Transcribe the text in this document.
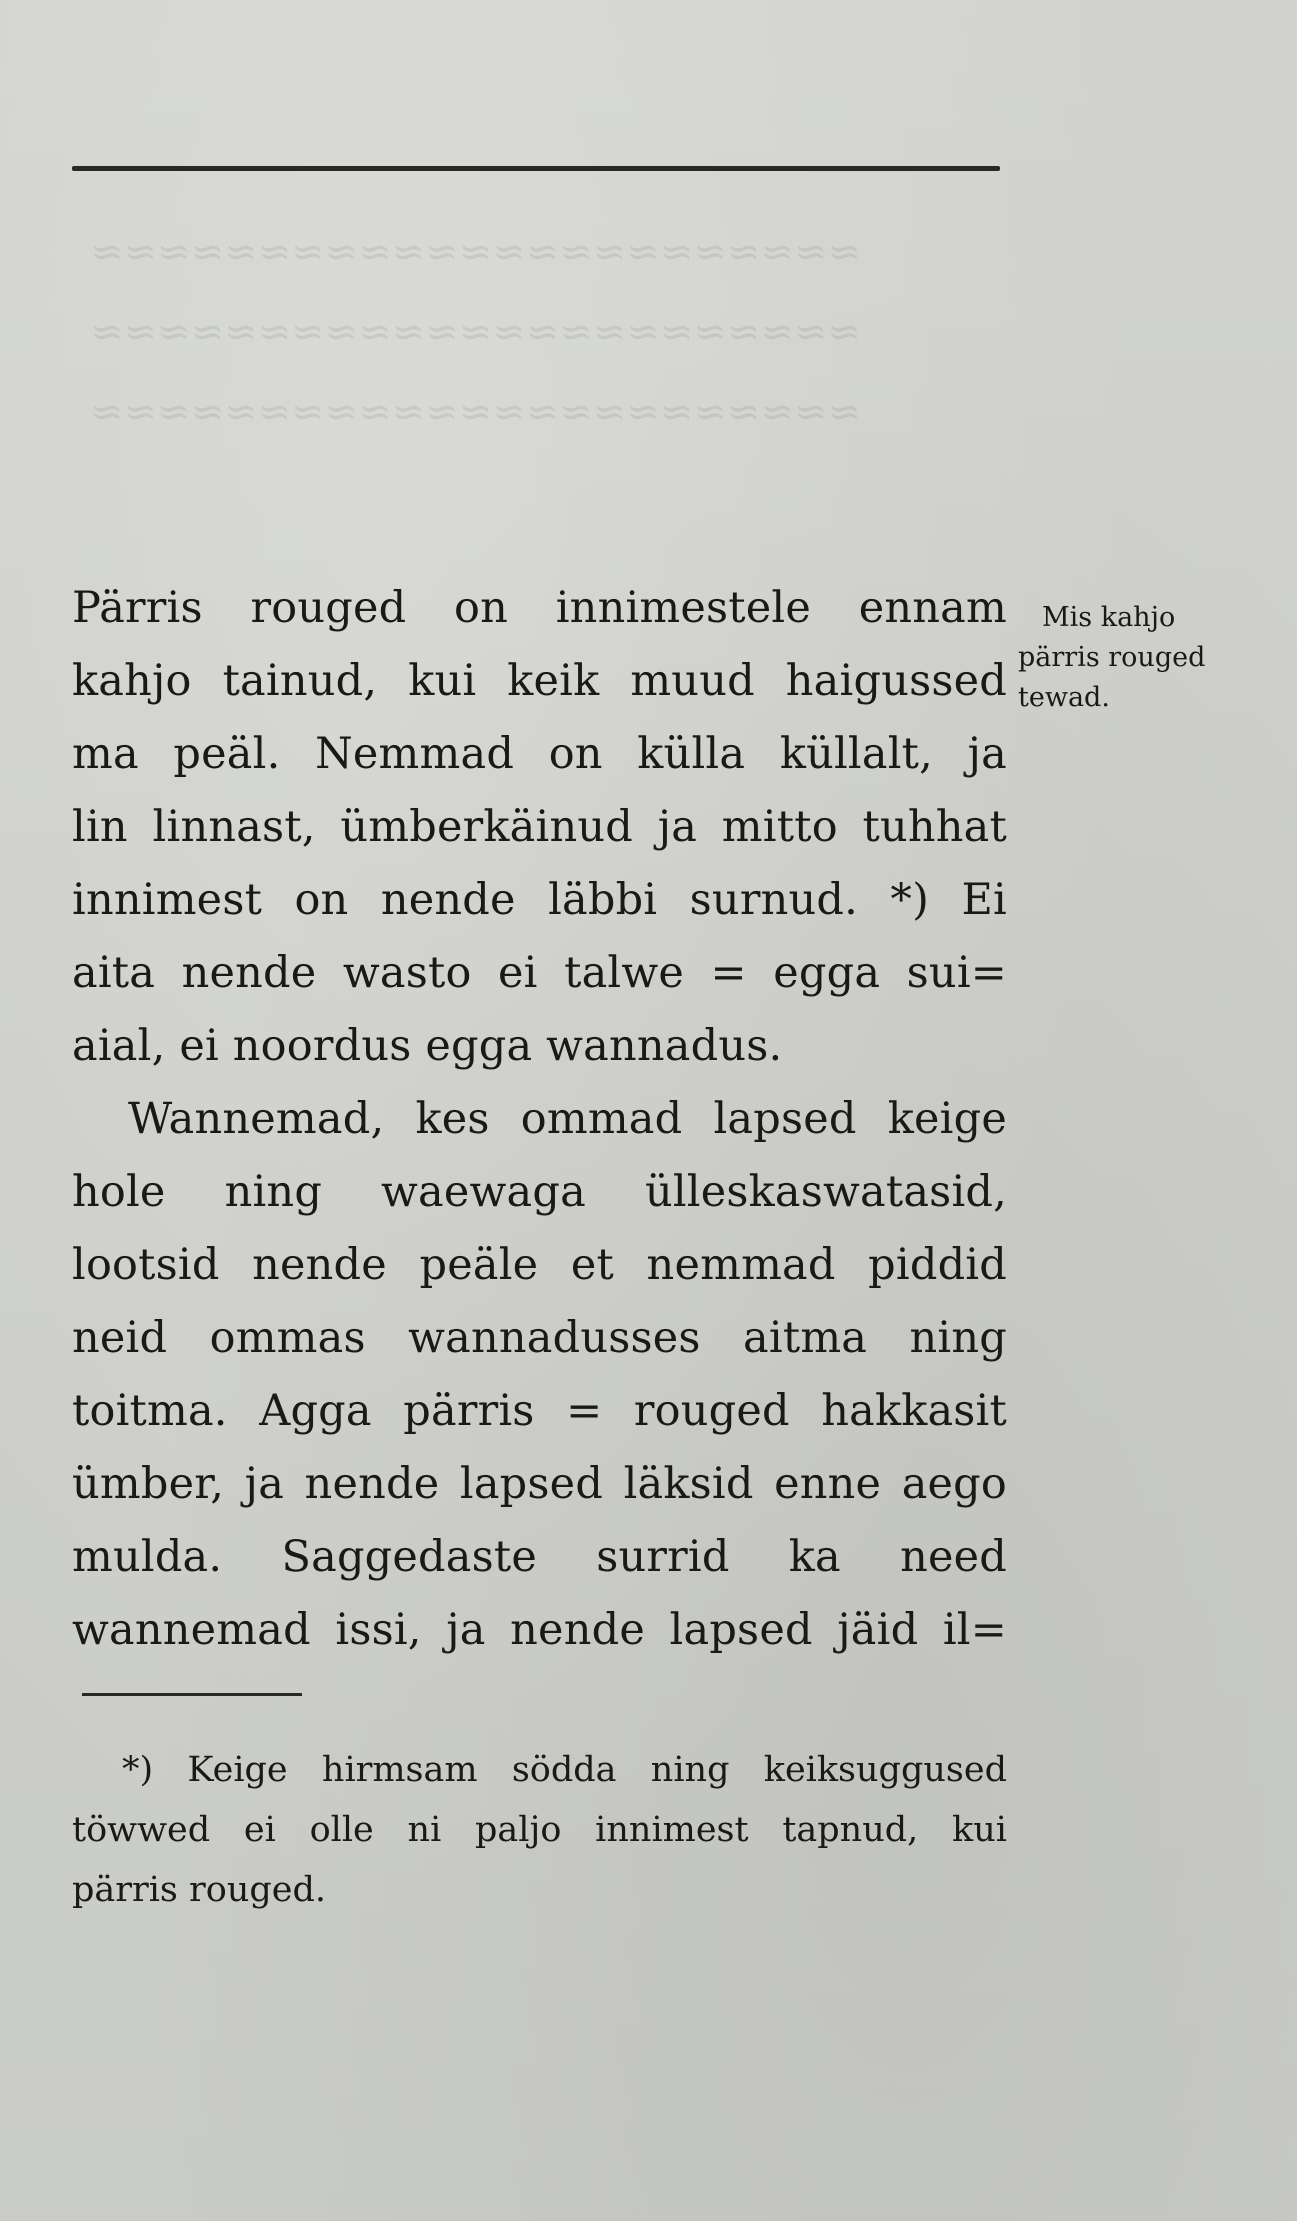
≈≈≈≈≈≈≈≈≈≈≈≈≈≈≈≈≈≈≈≈≈≈≈
≈≈≈≈≈≈≈≈≈≈≈≈≈≈≈≈≈≈≈≈≈≈≈
≈≈≈≈≈≈≈≈≈≈≈≈≈≈≈≈≈≈≈≈≈≈≈
Pärris rouged on innimestele ennam
kahjo tainud, kui keik muud haigussed
ma peäl. Nemmad on külla küllalt, ja
lin linnast, ümberkäinud ja mitto tuhhat
innimest on nende läbbi surnud. *) Ei
aita nende wasto ei talwe = egga sui=
aial, ei noordus egga wannadus.
Wannemad, kes ommad lapsed keige
hole ning waewaga ülleskaswatasid,
lootsid nende peäle et nemmad piddid
neid ommas wannadusses aitma ning
toitma. Agga pärris = rouged hakkasit
ümber, ja nende lapsed läksid enne aego
mulda. Saggedaste surrid ka need
wannemad issi, ja nende lapsed jäid il=
Mis kahjo
pärris rouged
tewad.
*) Keige hirmsam södda ning keiksuggused
töwwed ei olle ni paljo innimest tapnud, kui
pärris rouged.
